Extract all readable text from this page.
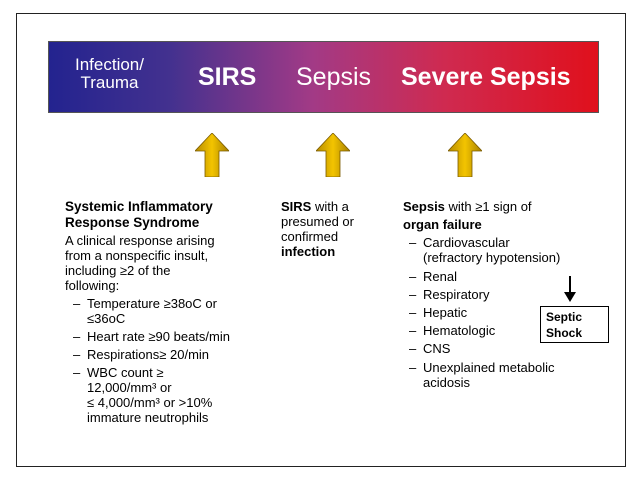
Infection/
Trauma SIRS Sepsis Severe Sepsis
Systemic Inflammatory
Response Syndrome
A clinical response arising
from a nonspecific insult,
including ≥2 of the
following:
– Temperature ≥38oC or
≤36oC
– Heart rate ≥90 beats/min
– Respirations≥ 20/min
– WBC count ≥
12,000/mm³ or
≤ 4,000/mm³ or >10%
immature neutrophils
SIRS with a
presumed or
confirmed
infection
Sepsis with ≥1 sign of
organ failure
– Cardiovascular
(refractory hypotension)
– Renal
– Respiratory
– Hepatic
– Hematologic
– CNS
– Unexplained metabolic
acidosis
Septic
Shock
